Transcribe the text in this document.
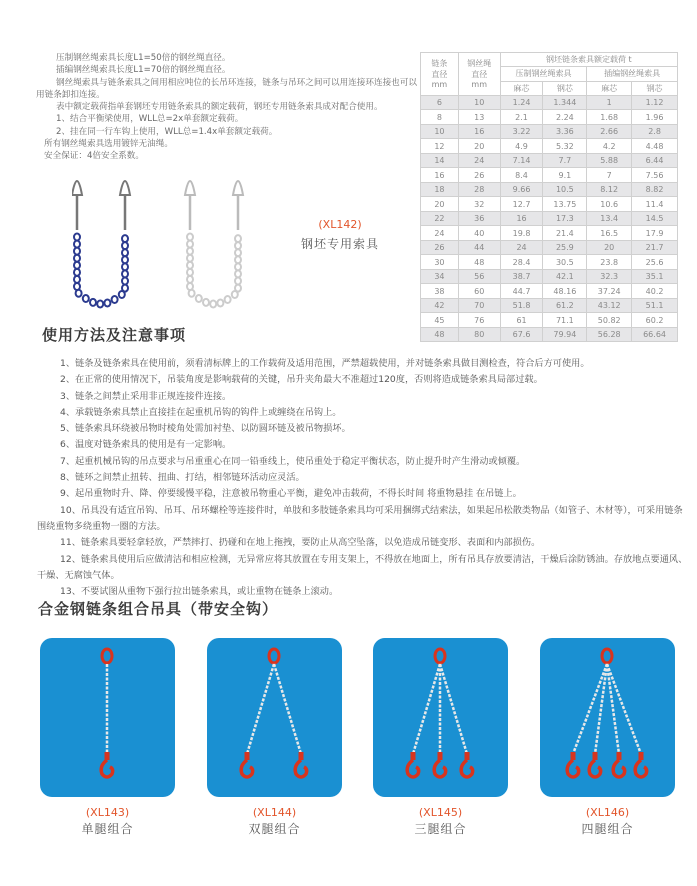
压制钢丝绳索具长度L1=50倍的钢丝绳直径。

插编钢丝绳索具长度L1=70倍的钢丝绳直径。

钢丝绳索具与链条索具之间用相应吨位的长吊环连接，链条与吊环之间可以用连接环连接也可以用链条卸扣连接。

表中额定载荷指单套钢坯专用链条索具的额定载荷，钢坯专用链条索具成对配合使用。

1、结合平衡梁使用，WLL总=2x单套额定载荷。

2、挂在同一行车钩上使用，WLL总=1.4x单套额定载荷。

所有钢丝绳索具选用镀锌无油绳。

安全保证：4倍安全系数。

链条
直径
mm	钢丝绳
直径
mm	钢坯链条索具额定载荷 t			
		压制钢丝绳索具		插编钢丝绳索具	
		麻芯	钢芯	麻芯	钢芯
6	10	1.24	1.344	1	1.12
8	13	2.1	2.24	1.68	1.96
10	16	3.22	3.36	2.66	2.8
12	20	4.9	5.32	4.2	4.48
14	24	7.14	7.7	5.88	6.44
16	26	8.4	9.1	7	7.56
18	28	9.66	10.5	8.12	8.82
20	32	12.7	13.75	10.6	11.4
22	36	16	17.3	13.4	14.5
24	40	19.8	21.4	16.5	17.9
26	44	24	25.9	20	21.7
30	48	28.4	30.5	23.8	25.6
34	56	38.7	42.1	32.3	35.1
38	60	44.7	48.16	37.24	40.2
42	70	51.8	61.2	43.12	51.1
45	76	61	71.1	50.82	60.2
48	80	67.6	79.94	56.28	66.64
(XL142)
钢坯专用索具
使用方法及注意事项

1、链条及链条索具在使用前，须看清标牌上的工作载荷及适用范围，严禁超载使用，并对链条索具做目测检查，符合后方可使用。

2、在正常的使用情况下，吊装角度是影响载荷的关键，吊升夹角最大不准超过120度，否则将造成链条索具局部过载。

3、链条之间禁止采用非正规连接件连接。

4、承载链条索具禁止直接挂在起重机吊钩的钩件上或缠绕在吊钩上。

5、链条索具环绕被吊物时棱角处需加衬垫、以防圆环链及被吊物损坏。

6、温度对链条索具的使用是有一定影响。

7、起重机械吊钩的吊点要求与吊重重心在同一铅垂线上，使吊重处于稳定平衡状态，防止提升时产生滑动或倾覆。

8、链环之间禁止扭转、扭曲、打结，相邻链环活动应灵活。

9、起吊重物时升、降、停要缓慢平稳，注意被吊物重心平衡，避免冲击载荷，不得长时间 将重物悬挂 在吊链上。

10、吊具没有适宜吊钩、吊耳、吊环螺栓等连接件时，单肢和多肢链条索具均可采用捆绑式结索法，如果起吊松散类物品（如管子、木材等），可采用链条围绕重物多绕重物一圈的方法。

11、链条索具要轻拿轻放，严禁摔打、扔碰和在地上拖拽，要防止从高空坠落，以免造成吊链变形、表面和内部损伤。

12、链条索具使用后应做清洁和相应检测，无异常应将其放置在专用支架上，不得放在地面上，所有吊具存放要清洁，干燥后涂防锈油。存放地点要通风、干燥、无腐蚀气体。

13、不要试图从重物下强行拉出链条索具，或让重物在链条上滚动。

合金钢链条组合吊具（带安全钩）
(XL143)
单腿组合
(XL144)
双腿组合
(XL145)
三腿组合
(XL146)
四腿组合
